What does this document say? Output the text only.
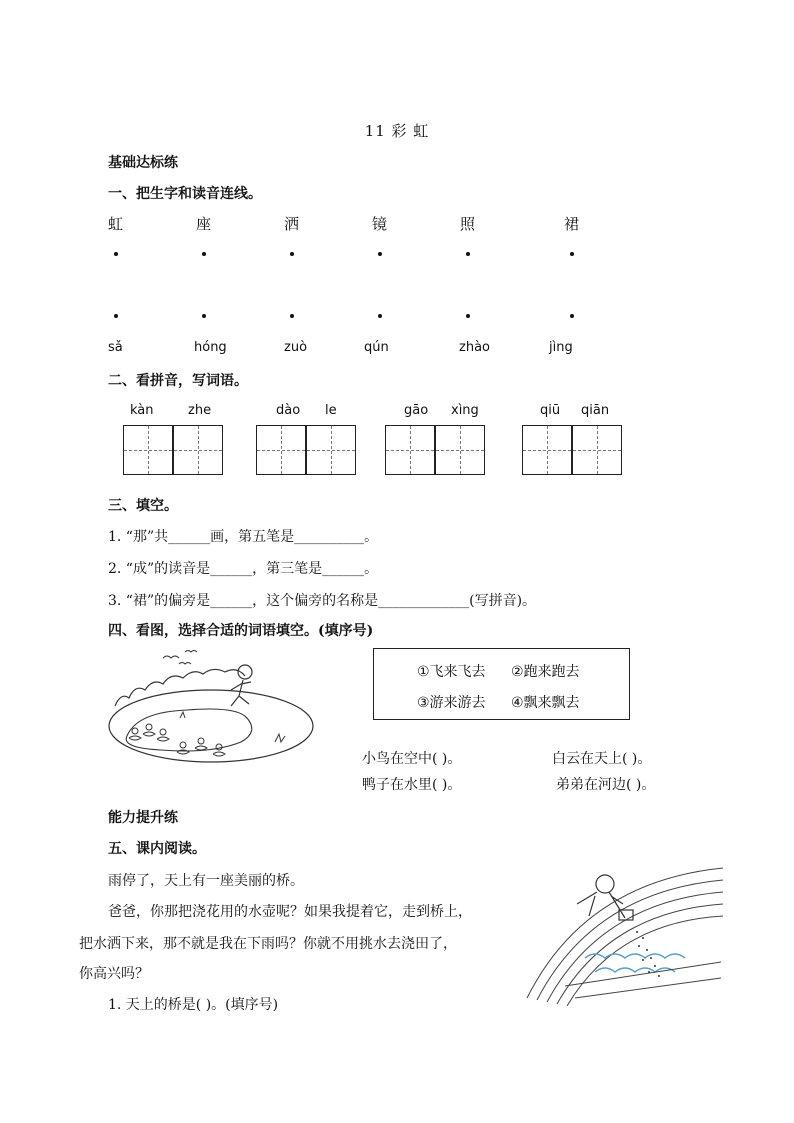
11 彩 虹
基础达标练
一、把生字和读音连线。
虹	座	洒	镜	照	裙
sǎ	hóng	zuò	qún	zhào	jìng
二、看拼音，写词语。
kàn	zhe	dào le	gāo xìng	qiū qiān
三、填空。
1. “那”共______画，第五笔是__________。
2. “成”的读音是______，第三笔是______。
3. “裙”的偏旁是______，这个偏旁的名称是_____________(写拼音)。
四、看图，选择合适的词语填空。(填序号)
①飞来飞去 ②跑来跑去
③游来游去 ④飘来飘去
小鸟在空中( )。	白云在天上( )。
鸭子在水里( )。	弟弟在河边( )。
能力提升练
五、课内阅读。
雨停了，天上有一座美丽的桥。
爸爸，你那把浇花用的水壶呢？如果我提着它，走到桥上，
把水洒下来，那不就是我在下雨吗？你就不用挑水去浇田了，
你高兴吗？
1. 天上的桥是( )。(填序号)
